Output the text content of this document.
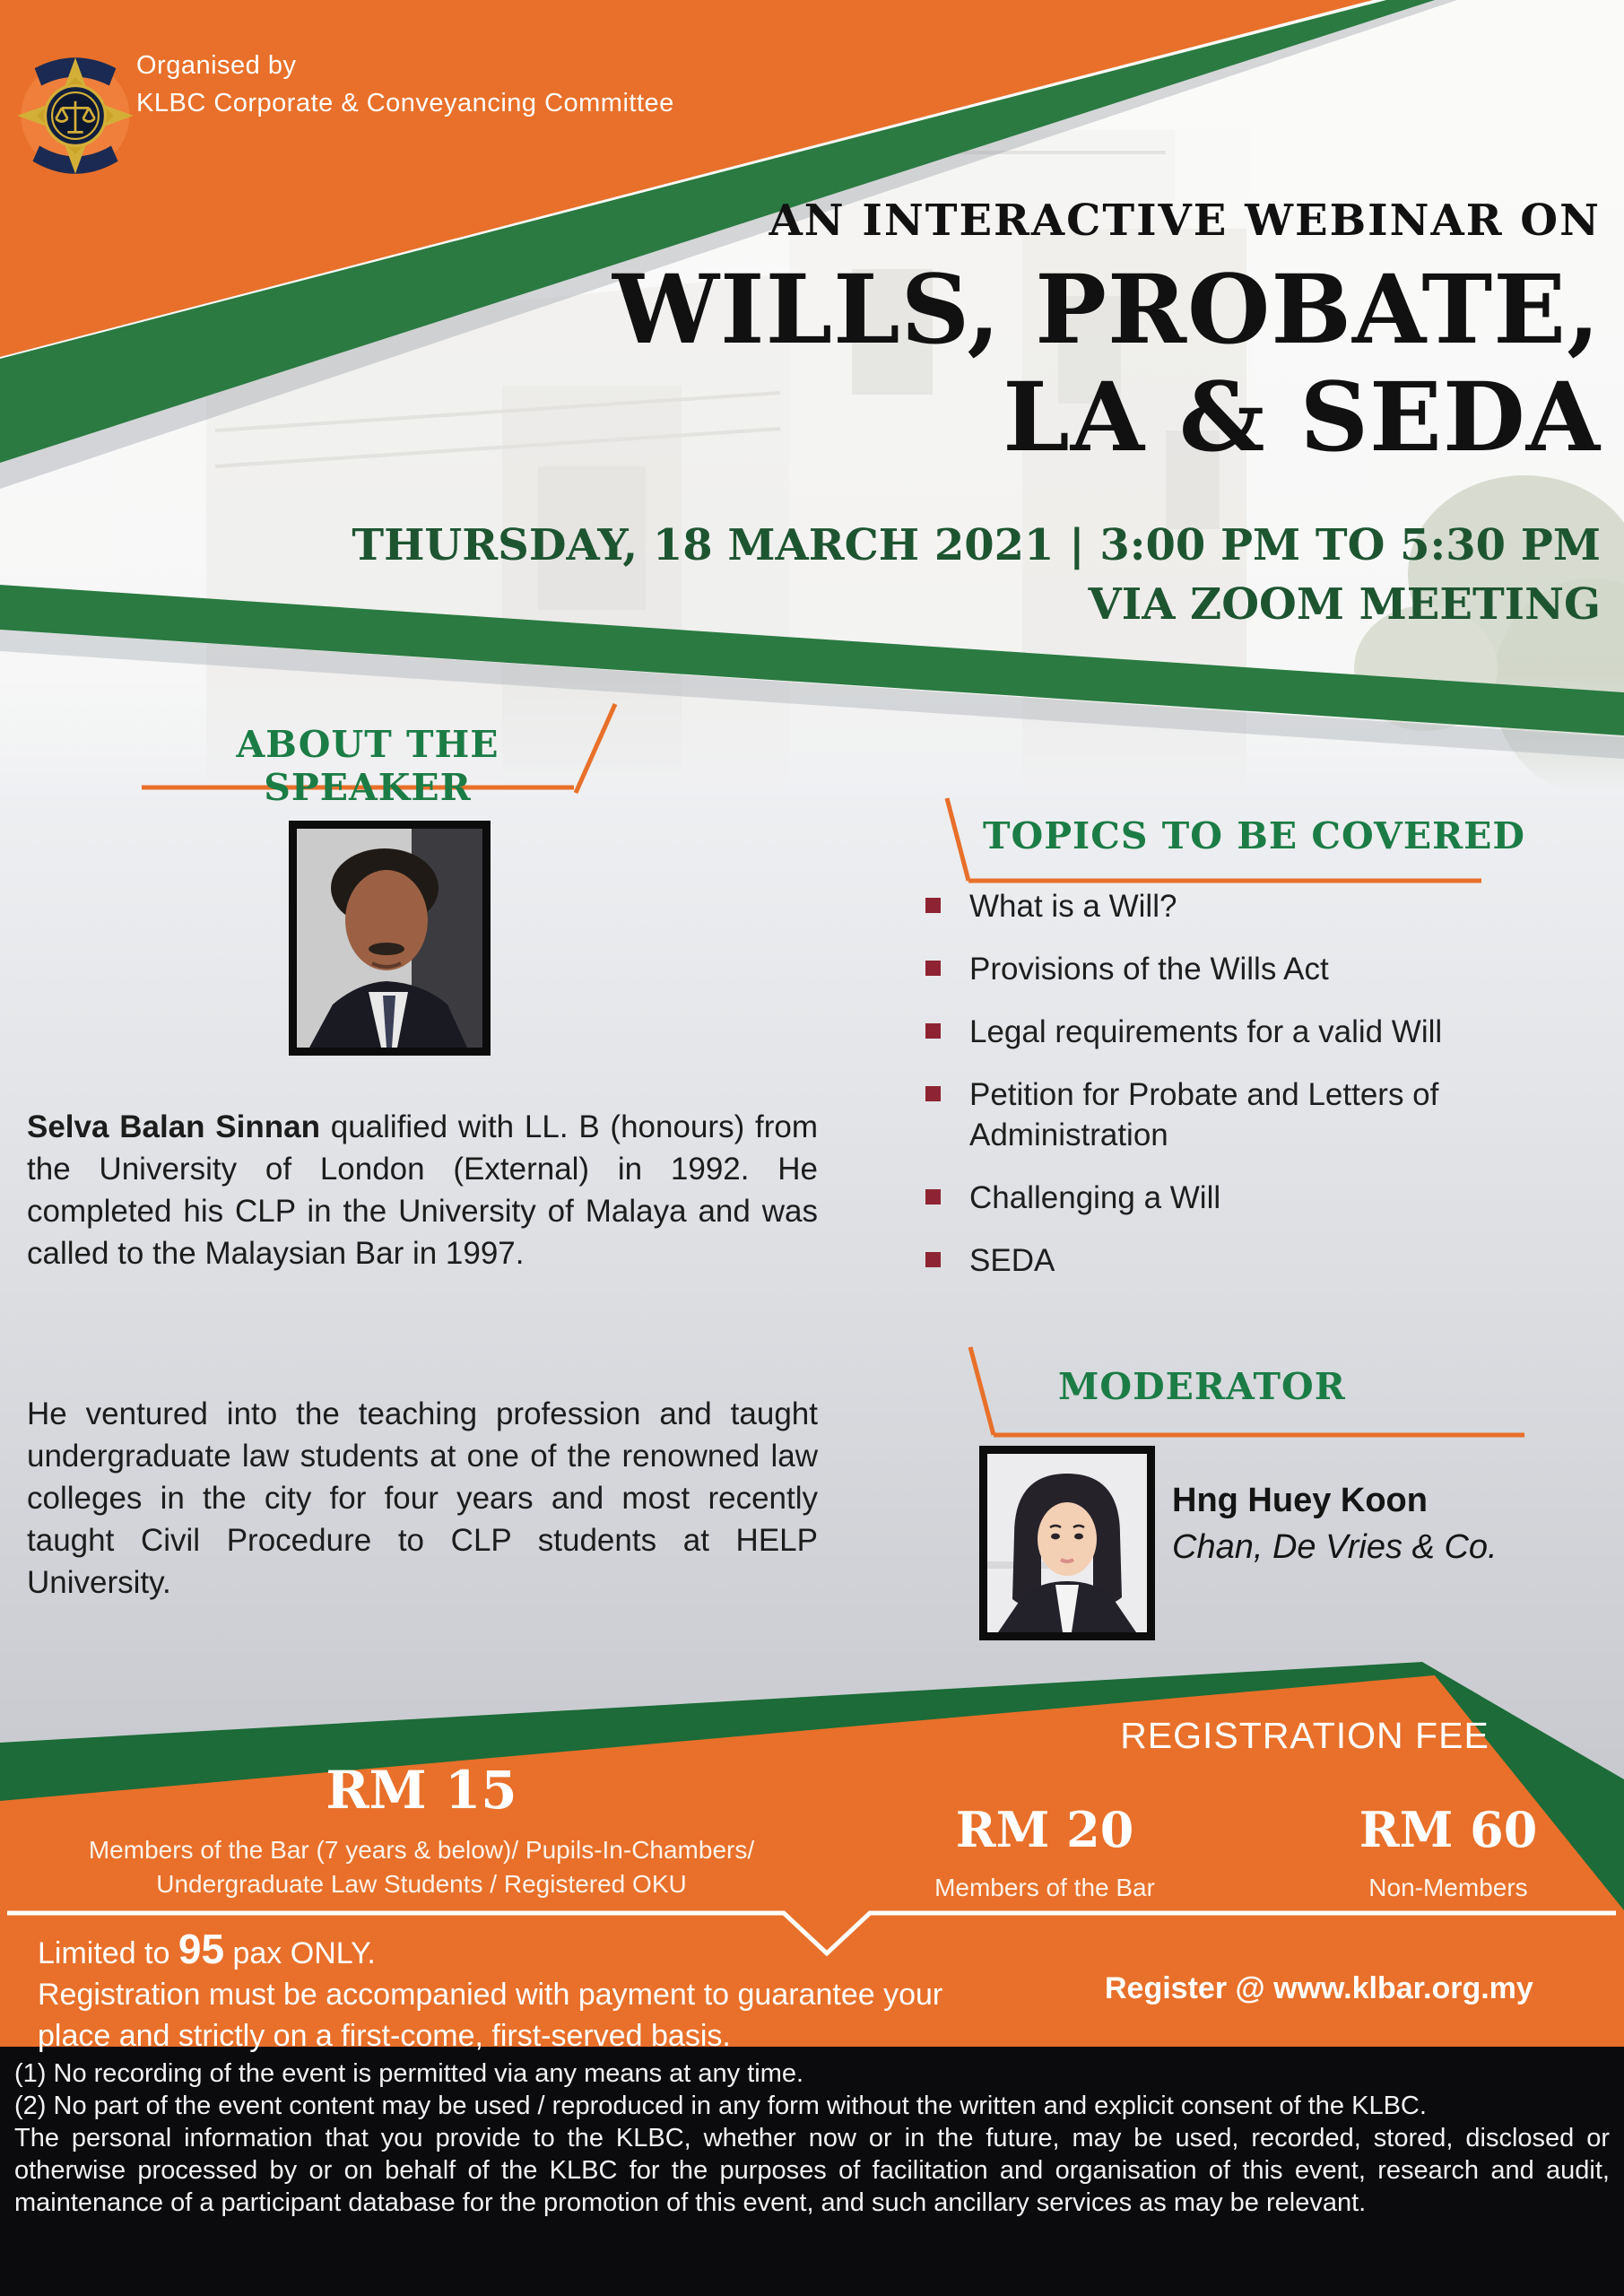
Organised by
KLBC Corporate & Conveyancing Committee
AN INTERACTIVE WEBINAR ON
WILLS, PROBATE,
LA & SEDA
THURSDAY, 18 MARCH 2021 | 3:00 PM TO 5:30 PM
VIA ZOOM MEETING
ABOUT THE SPEAKER

Selva Balan Sinnan qualified with LL. B (honours) from the University of London (External) in 1992. He completed his CLP in the University of Malaya and was called to the Malaysian Bar in 1997.

He ventured into the teaching profession and taught undergraduate law students at one of the renowned law colleges in the city for four years and most recently taught Civil Procedure to CLP students at HELP University.

TOPICS TO BE COVERED
What is a Will?
Provisions of the Wills Act
Legal requirements for a valid Will
Petition for Probate and Letters of Administration
Challenging a Will
SEDA
MODERATOR
Hng Huey Koon
Chan, De Vries & Co.
REGISTRATION FEE
RM 15
Members of the Bar (7 years & below)/ Pupils-In-Chambers/ Undergraduate Law Students / Registered OKU
RM 20
Members of the Bar
RM 60
Non-Members
Limited to 95 pax ONLY.
Registration must be accompanied with payment to guarantee your
place and strictly on a first-come, first-served basis.
Register @ www.klbar.org.my

(1) No recording of the event is permitted via any means at any time.

(2) No part of the event content may be used / reproduced in any form without the written and explicit consent of the KLBC.

The personal information that you provide to the KLBC, whether now or in the future, may be used, recorded, stored, disclosed or otherwise processed by or on behalf of the KLBC for the purposes of facilitation and organisation of this event, research and audit, maintenance of a participant database for the promotion of this event, and such ancillary services as may be relevant.
